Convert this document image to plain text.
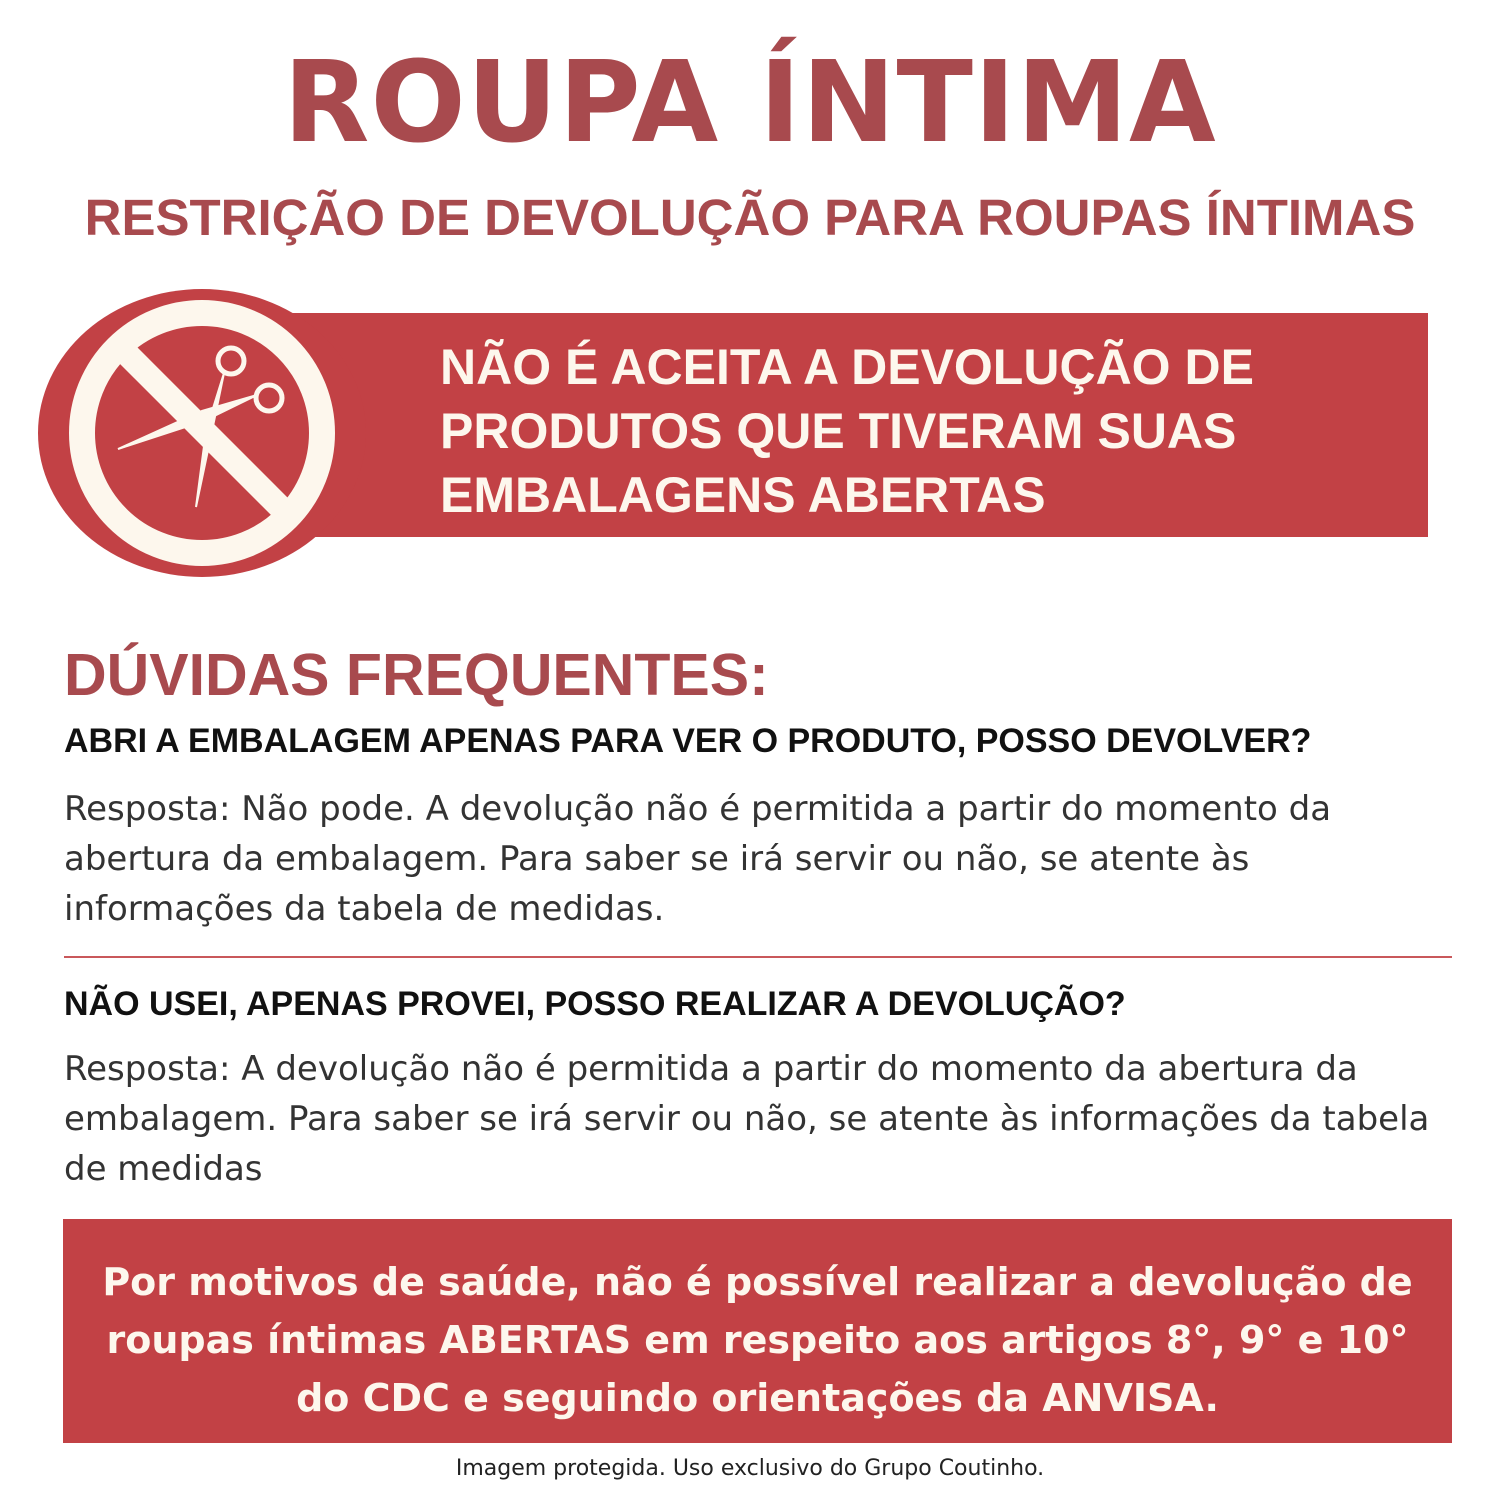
ROUPA ÍNTIMA
RESTRIÇÃO DE DEVOLUÇÃO PARA ROUPAS ÍNTIMAS

NÃO É ACEITA A DEVOLUÇÃO DE
PRODUTOS QUE TIVERAM SUAS
EMBALAGENS ABERTAS

DÚVIDAS FREQUENTES:

ABRI A EMBALAGEM APENAS PARA VER O PRODUTO, POSSO DEVOLVER?

Resposta: Não pode. A devolução não é permitida a partir do momento da abertura da embalagem. Para saber se irá servir ou não, se atente às informações da tabela de medidas.

NÃO USEI, APENAS PROVEI, POSSO REALIZAR A DEVOLUÇÃO?

Resposta: A devolução não é permitida a partir do momento da abertura da embalagem. Para saber se irá servir ou não, se atente às informações da tabela de medidas

Por motivos de saúde, não é possível realizar a devolução de
roupas íntimas ABERTAS em respeito aos artigos 8°, 9° e 10°
do CDC e seguindo orientações da ANVISA.

Imagem protegida. Uso exclusivo do Grupo Coutinho.
